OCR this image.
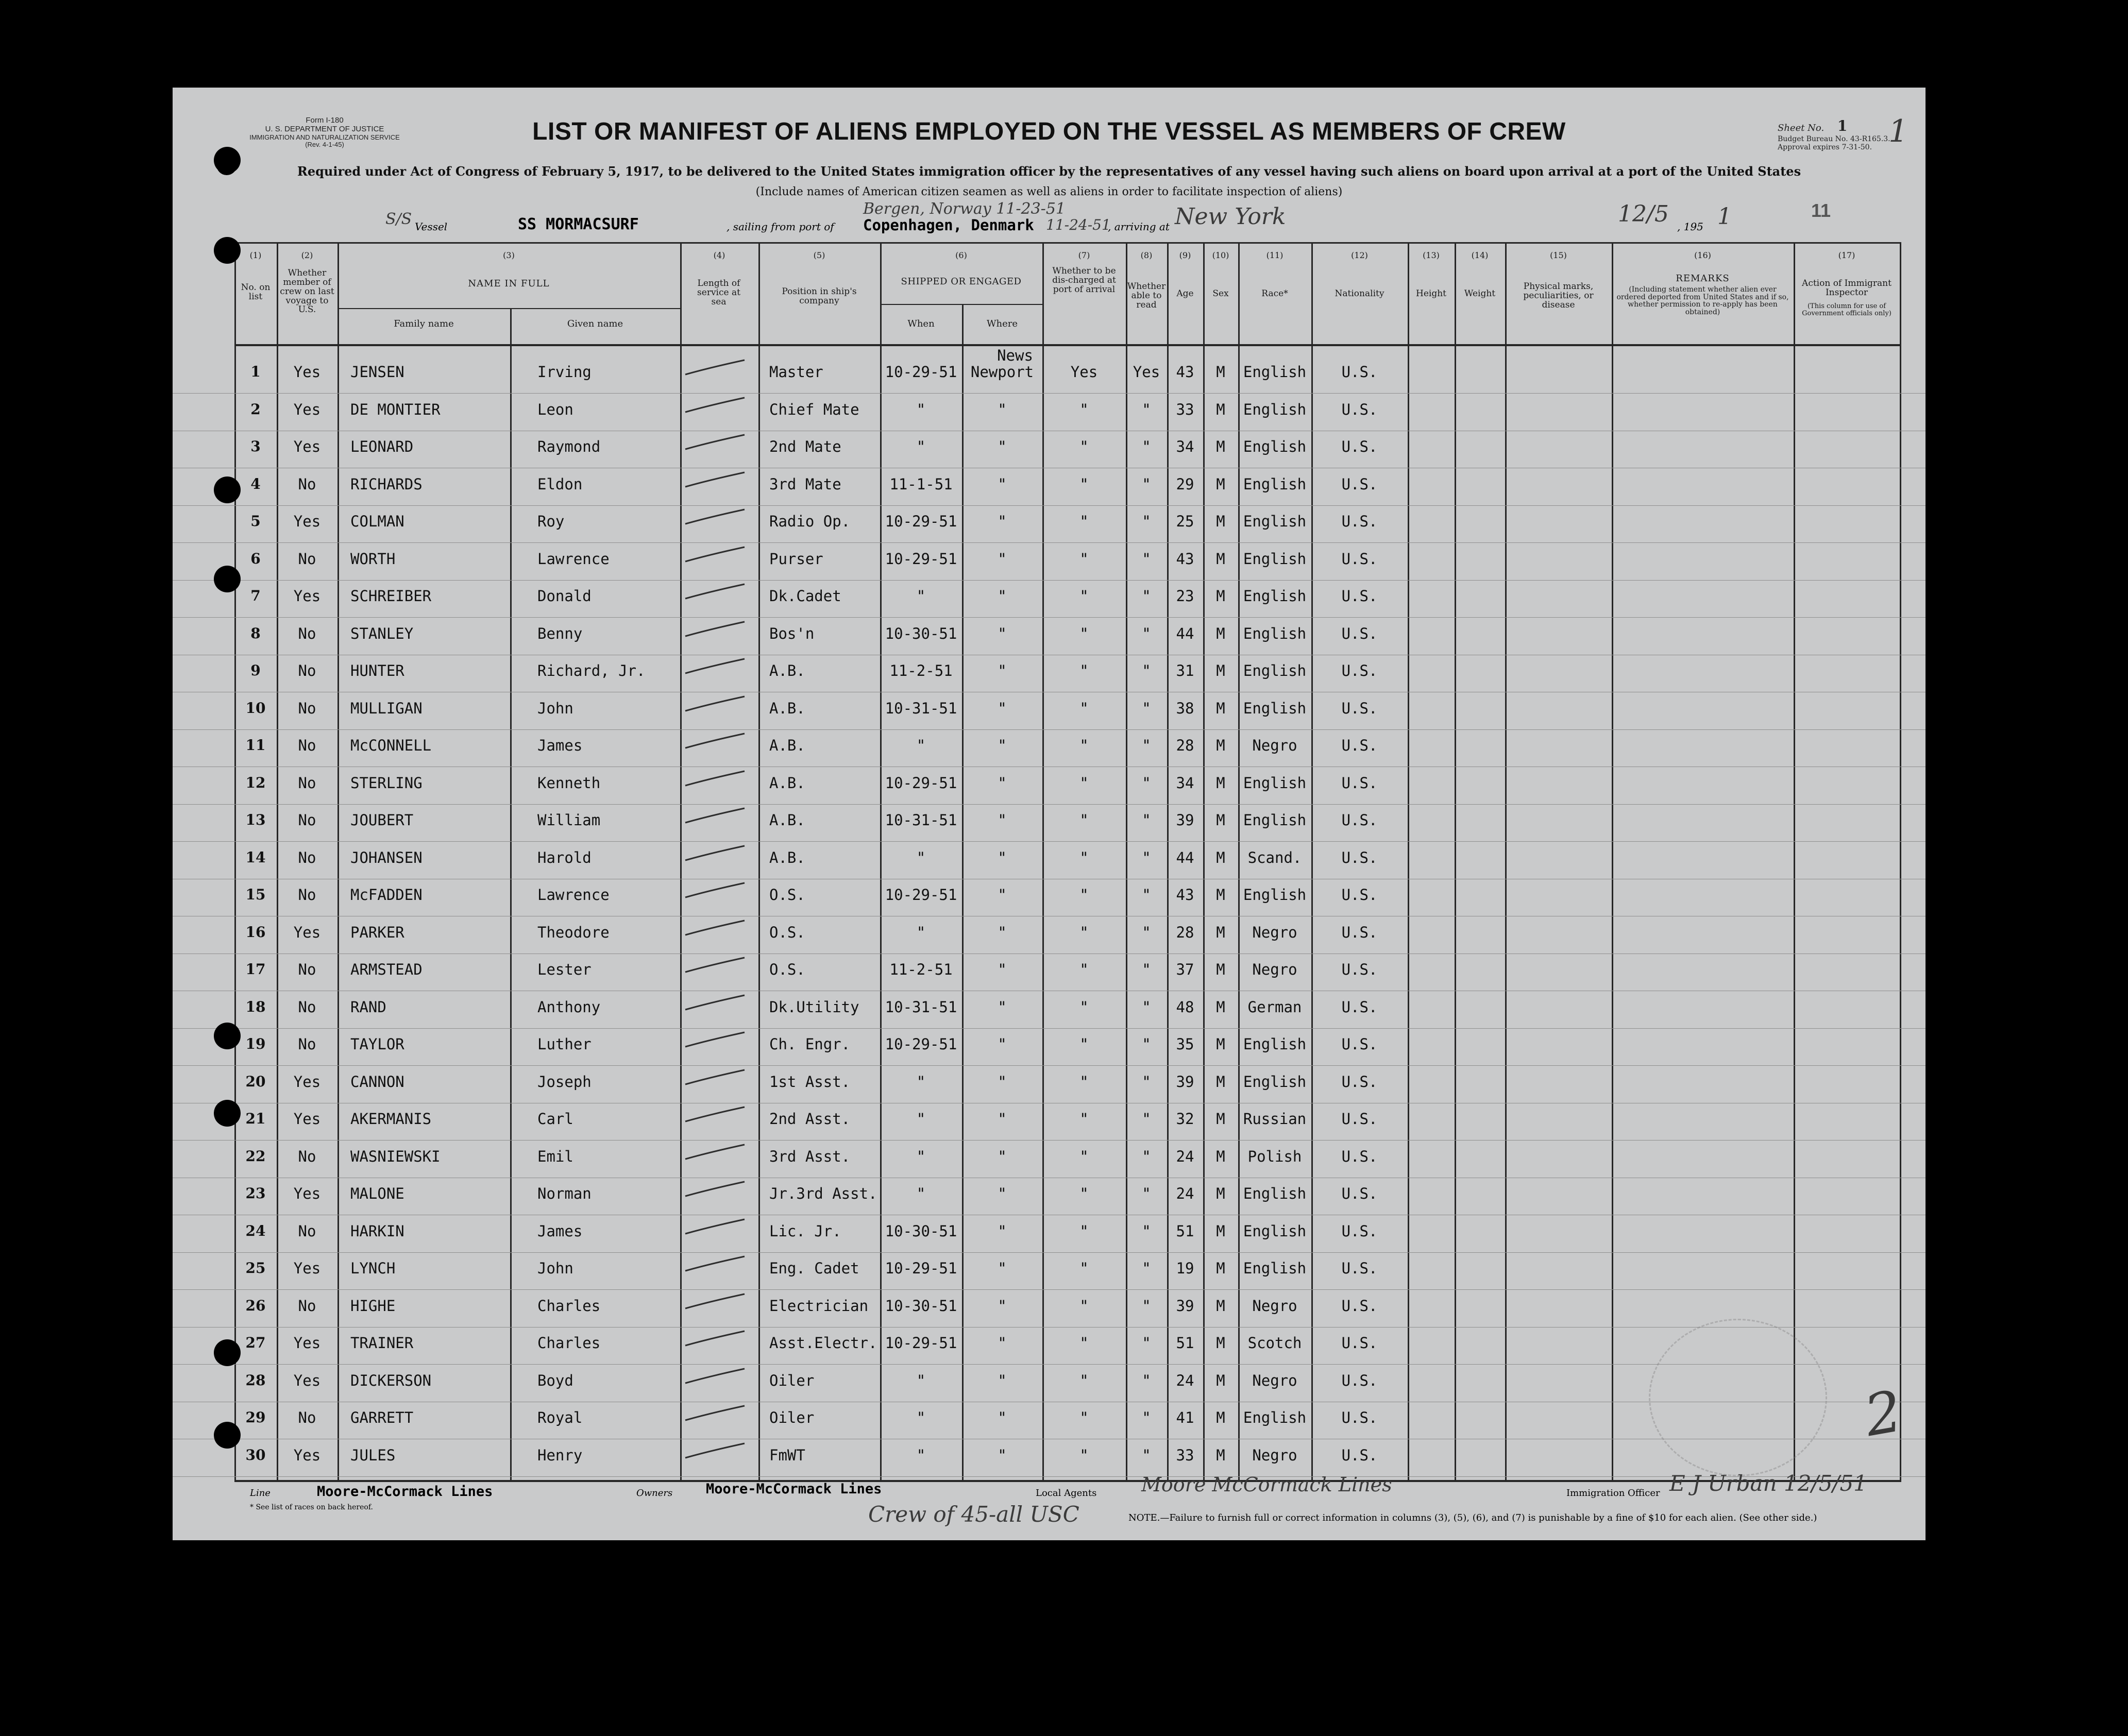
Form I-180
U. S. DEPARTMENT OF JUSTICE
IMMIGRATION AND NATURALIZATION SERVICE
(Rev. 4-1-45)
Sheet No. 1
Budget Bureau No. 43-R165.3.
Approval expires 7-31-50. 1
LIST OR MANIFEST OF ALIENS EMPLOYED ON THE VESSEL AS MEMBERS OF CREW
Required under Act of Congress of February 5, 1917, to be delivered to the United States immigration officer by the representatives of any vessel having such aliens on board upon arrival at a port of the United States
(Include names of American citizen seamen as well as aliens in order to facilitate inspection of aliens)
S/S Vessel	SS MORMACSURF	, sailing from port of
Bergen, Norway 11-23-51
Copenhagen, Denmark 11-24-51
, arriving at New York	12/5 , 195 1	11
(1)	(2)	(3)	(4)	(5)	(6)	(7)	(8)	(9)	(10)	(11)	(12)	(13)	(14)	(15)	(16)	(17)
No. on list
Whether member of crew on last voyage to U.S.
NAME IN FULL
Family name	Given name
Length of service at sea
Position in ship's company
SHIPPED OR ENGAGED
When	Where
Whether to be dis-charged at port of arrival	Whether able to read
Age	Sex	Race*	Nationality	Height	Weight
Physical marks, peculiarities, or disease
REMARKS
(Including statement whether alien ever ordered deported from United States and if so, whether permission to re-apply has been obtained)
Action of Immigrant Inspector
(This column for use of Government officials only)
1	Yes	JENSEN	Irving	Master	10-29-51 Newport	Yes	Yes	43	M	English	U.S.
News
2	Yes	DE MONTIER	Leon	Chief Mate	"	"	"	"	33	M	English	U.S.
3	Yes	LEONARD	Raymond	2nd Mate	"	"	"	"	34	M	English	U.S.
4	No	RICHARDS	Eldon	3rd Mate	11-1-51	"	"	"	29	M	English	U.S.
5	Yes	COLMAN	Roy	Radio Op.	10-29-51	"	"	"	25	M	English	U.S.
6	No	WORTH	Lawrence	Purser	10-29-51	"	"	"	43	M	English	U.S.
7	Yes	SCHREIBER	Donald	Dk.Cadet	"	"	"	"	23	M	English	U.S.
8	No	STANLEY	Benny	Bos'n	10-30-51	"	"	"	44	M	English	U.S.
9	No	HUNTER	Richard, Jr.	A.B.	11-2-51	"	"	"	31	M	English	U.S.
10	No	MULLIGAN	John	A.B.	10-31-51	"	"	"	38	M	English	U.S.
11	No	McCONNELL	James	A.B.	"	"	"	"	28	M	Negro	U.S.
12	No	STERLING	Kenneth	A.B.	10-29-51	"	"	"	34	M	English	U.S.
13	No	JOUBERT	William	A.B.	10-31-51	"	"	"	39	M	English	U.S.
14	No	JOHANSEN	Harold	A.B.	"	"	"	"	44	M	Scand.	U.S.
15	No	McFADDEN	Lawrence	O.S.	10-29-51	"	"	"	43	M	English	U.S.
16	Yes	PARKER	Theodore	O.S.	"	"	"	"	28	M	Negro	U.S.
17	No	ARMSTEAD	Lester	O.S.	11-2-51	"	"	"	37	M	Negro	U.S.
18	No	RAND	Anthony	Dk.Utility	10-31-51	"	"	"	48	M	German	U.S.
19	No	TAYLOR	Luther	Ch. Engr.	10-29-51	"	"	"	35	M	English	U.S.
20	Yes	CANNON	Joseph	1st Asst.	"	"	"	"	39	M	English	U.S.
21	Yes	AKERMANIS	Carl	2nd Asst.	"	"	"	"	32	M	Russian	U.S.
22	No	WASNIEWSKI	Emil	3rd Asst.	"	"	"	"	24	M	Polish	U.S.
23	Yes	MALONE	Norman	Jr.3rd Asst.	"	"	"	"	24	M	English	U.S.
24	No	HARKIN	James	Lic. Jr.	10-30-51	"	"	"	51	M	English	U.S.
25	Yes	LYNCH	John	Eng. Cadet	10-29-51	"	"	"	19	M	English	U.S.
26	No	HIGHE	Charles	Electrician	10-30-51	"	"	"	39	M	Negro	U.S.
27	Yes	TRAINER	Charles	Asst.Electr. 10-29-51	"	"	"	51	M	Scotch	U.S.
28	Yes	DICKERSON	Boyd	Oiler	"	"	"	"	24	M	Negro	U.S.
29	No	GARRETT	Royal	Oiler	"	"	"	"	41	M	English	U.S.
30	Yes	JULES	Henry	FmWT	"	"	"	"	33	M	Negro	U.S.
Line	Moore-McCormack Lines	Owners Moore-McCormack Lines	Local Agents Moore McCormack Lines	Immigration Officer E J Urban 12/5/51
* See list of races on back hereof.	Crew of 45-all USC	NOTE.—Failure to furnish full or correct information in columns (3), (5), (6), and (7) is punishable by a fine of $10 for each alien. (See other side.)
2
